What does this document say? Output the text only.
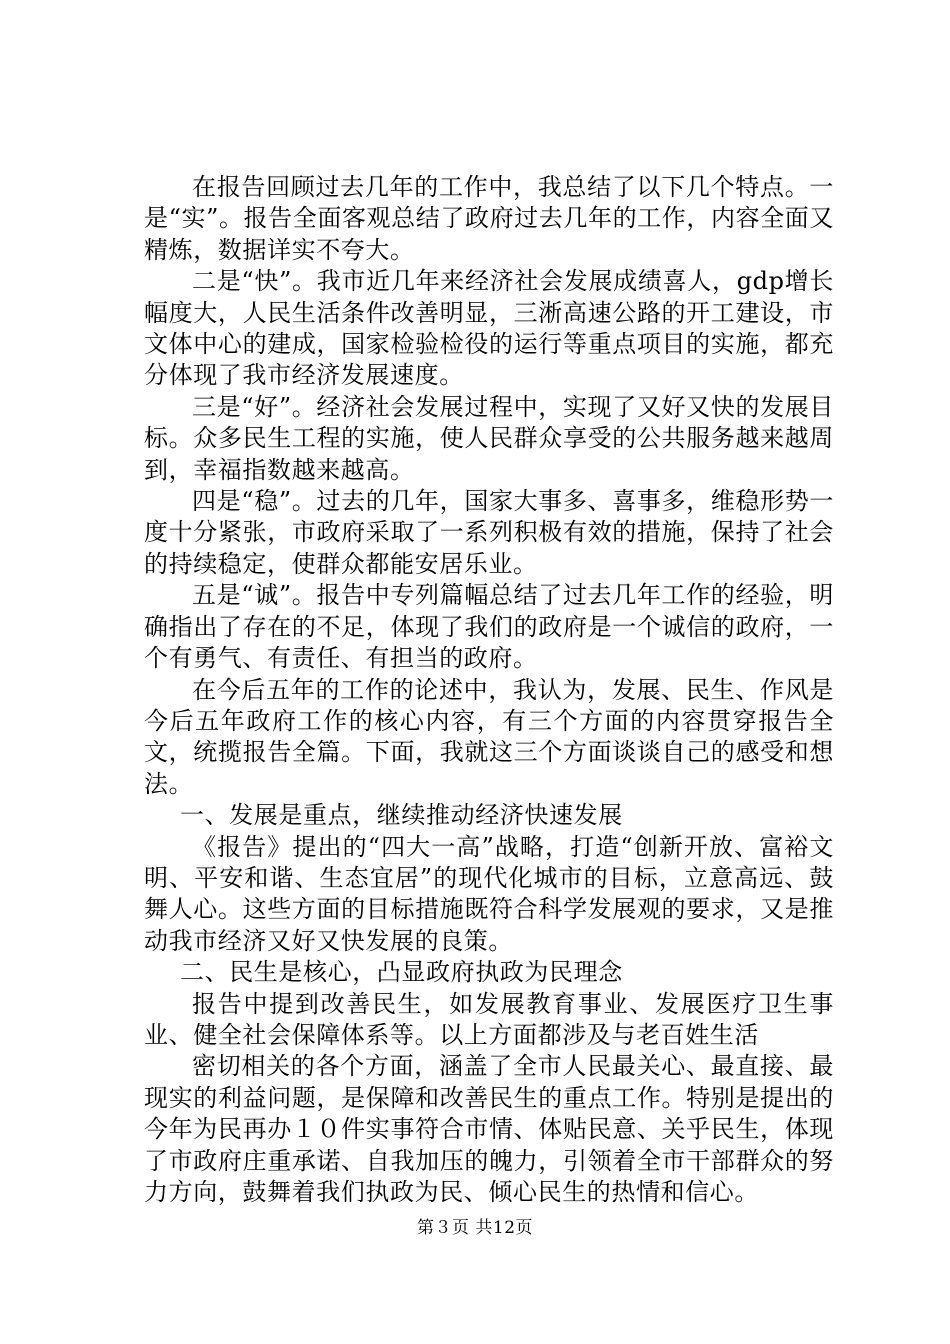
在报告回顾过去几年的工作中，我总结了以下几个特点。一是“实”。报告全面客观总结了政府过去几年的工作，内容全面又精炼，数据详实不夸大。

二是“快”。我市近几年来经济社会发展成绩喜人，gdp增长幅度大，人民生活条件改善明显，三淅高速公路的开工建设，市文体中心的建成，国家检验检役的运行等重点项目的实施，都充分体现了我市经济发展速度。

三是“好”。经济社会发展过程中，实现了又好又快的发展目标。众多民生工程的实施，使人民群众享受的公共服务越来越周到，幸福指数越来越高。

四是“稳”。过去的几年，国家大事多、喜事多，维稳形势一度十分紧张，市政府采取了一系列积极有效的措施，保持了社会的持续稳定，使群众都能安居乐业。

五是“诚”。报告中专列篇幅总结了过去几年工作的经验，明确指出了存在的不足，体现了我们的政府是一个诚信的政府，一个有勇气、有责任、有担当的政府。

在今后五年的工作的论述中，我认为，发展、民生、作风是今后五年政府工作的核心内容，有三个方面的内容贯穿报告全文，统揽报告全篇。下面，我就这三个方面谈谈自己的感受和想法。

一、发展是重点，继续推动经济快速发展

《报告》提出的“四大一高”战略，打造“创新开放、富裕文明、平安和谐、生态宜居”的现代化城市的目标，立意高远、鼓舞人心。这些方面的目标措施既符合科学发展观的要求，又是推动我市经济又好又快发展的良策。

二、民生是核心，凸显政府执政为民理念

报告中提到改善民生，如发展教育事业、发展医疗卫生事业、健全社会保障体系等。以上方面都涉及与老百姓生活

密切相关的各个方面，涵盖了全市人民最关心、最直接、最现实的利益问题，是保障和改善民生的重点工作。特别是提出的今年为民再办１０件实事符合市情、体贴民意、关乎民生，体现了市政府庄重承诺、自我加压的魄力，引领着全市干部群众的努力方向，鼓舞着我们执政为民、倾心民生的热情和信心。

第３页 共12页
